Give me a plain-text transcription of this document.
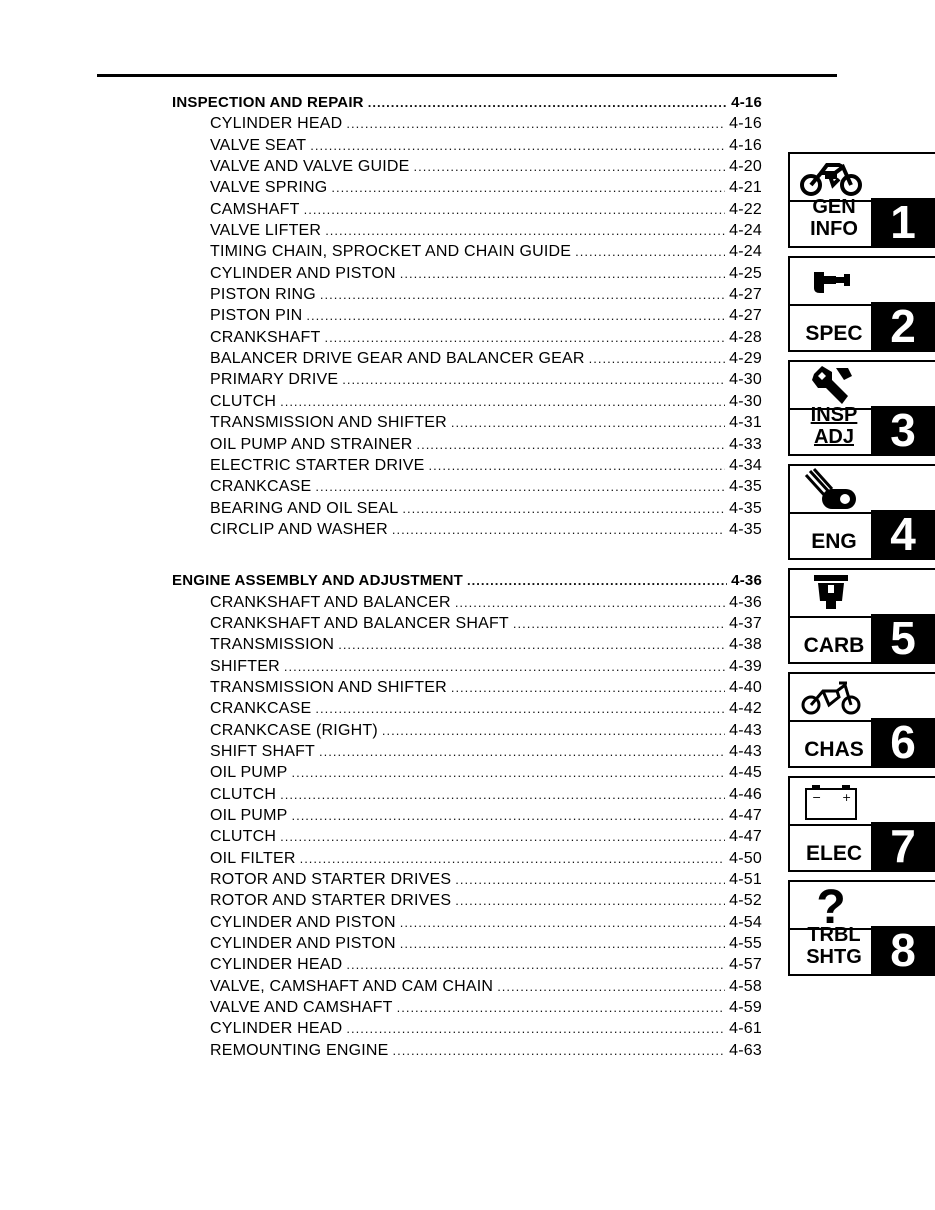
INSPECTION AND REPAIR .....	4-16
CYLINDER HEAD .....	4-16
VALVE SEAT .....	4-16
VALVE AND VALVE GUIDE .....	4-20
VALVE SPRING .....	4-21
CAMSHAFT .....	4-22
VALVE LIFTER .....	4-24
TIMING CHAIN, SPROCKET AND CHAIN GUIDE .....	4-24
CYLINDER AND PISTON .....	4-25
PISTON RING .....	4-27
PISTON PIN .....	4-27
CRANKSHAFT .....	4-28
BALANCER DRIVE GEAR AND BALANCER GEAR .....	4-29
PRIMARY DRIVE .....	4-30
CLUTCH .....	4-30
TRANSMISSION AND SHIFTER .....	4-31
OIL PUMP AND STRAINER .....	4-33
ELECTRIC STARTER DRIVE .....	4-34
CRANKCASE .....	4-35
BEARING AND OIL SEAL .....	4-35
CIRCLIP AND WASHER .....	4-35
ENGINE ASSEMBLY AND ADJUSTMENT .....	4-36
CRANKSHAFT AND BALANCER .....	4-36
CRANKSHAFT AND BALANCER SHAFT .....	4-37
TRANSMISSION .....	4-38
SHIFTER .....	4-39
TRANSMISSION AND SHIFTER .....	4-40
CRANKCASE .....	4-42
CRANKCASE (RIGHT) .....	4-43
SHIFT SHAFT .....	4-43
OIL PUMP .....	4-45
CLUTCH .....	4-46
OIL PUMP .....	4-47
CLUTCH .....	4-47
OIL FILTER .....	4-50
ROTOR AND STARTER DRIVES .....	4-51
ROTOR AND STARTER DRIVES .....	4-52
CYLINDER AND PISTON .....	4-54
CYLINDER AND PISTON .....	4-55
CYLINDER HEAD .....	4-57
VALVE, CAMSHAFT AND CAM CHAIN .....	4-58
VALVE AND CAMSHAFT .....	4-59
CYLINDER HEAD .....	4-61
REMOUNTING ENGINE .....	4-63
GEN
INFO 1
SPEC 2
INSP
ADJ 3
ENG 4
CARB 5
CHAS 6
− +
ELEC 7
?
TRBL
SHTG 8
